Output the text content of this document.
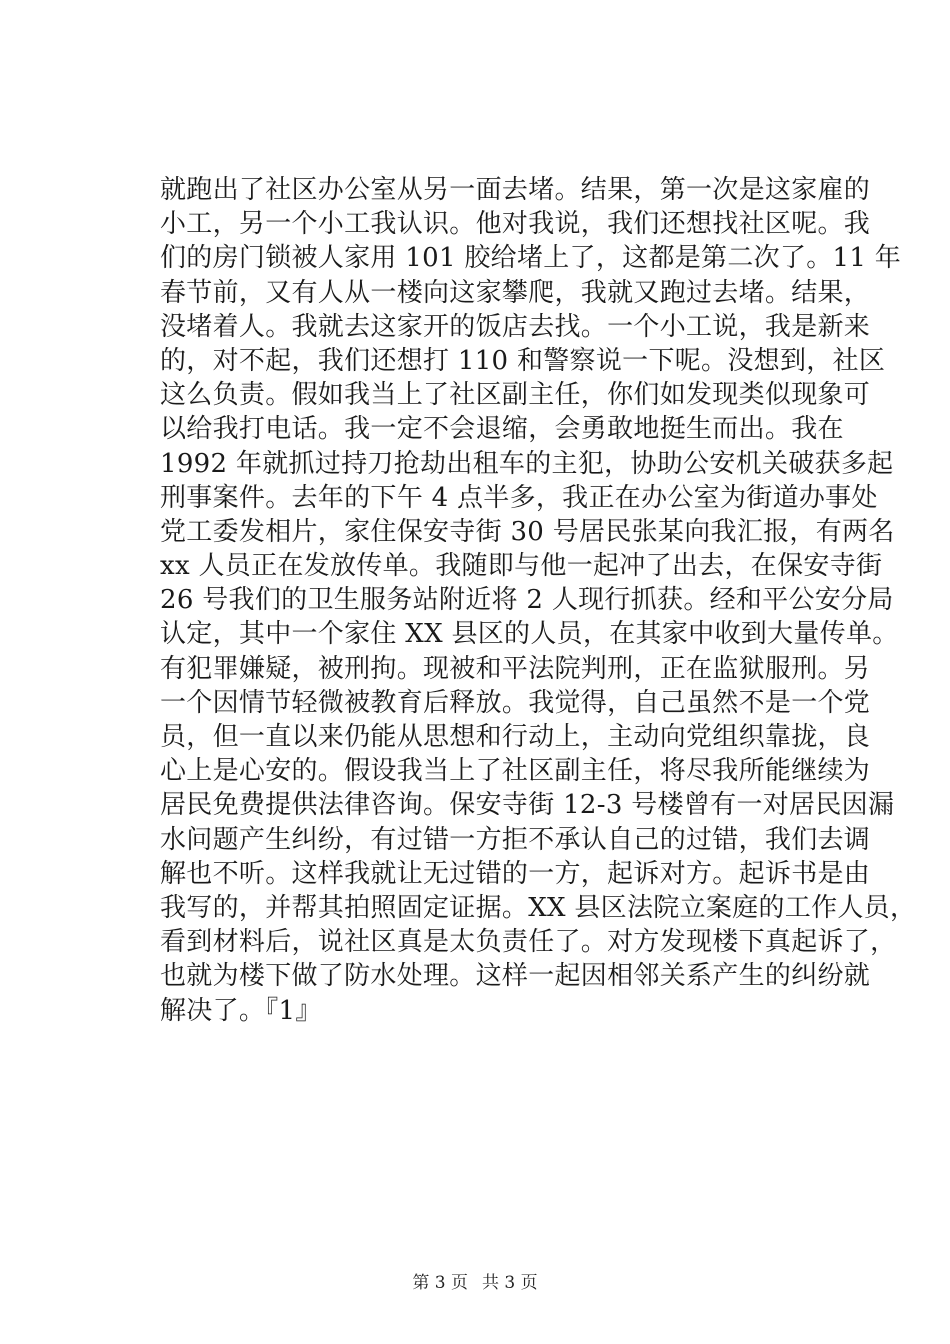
就跑出了社区办公室从另一面去堵。结果，第一次是这家雇的
小工，另一个小工我认识。他对我说，我们还想找社区呢。我
们的房门锁被人家用 101 胶给堵上了，这都是第二次了。11 年
春节前，又有人从一楼向这家攀爬，我就又跑过去堵。结果，
没堵着人。我就去这家开的饭店去找。一个小工说，我是新来
的，对不起，我们还想打 110 和警察说一下呢。没想到，社区
这么负责。假如我当上了社区副主任，你们如发现类似现象可
以给我打电话。我一定不会退缩，会勇敢地挺生而出。我在
1992 年就抓过持刀抢劫出租车的主犯，协助公安机关破获多起
刑事案件。去年的下午 4 点半多，我正在办公室为街道办事处
党工委发相片，家住保安寺街 30 号居民张某向我汇报，有两名
xx 人员正在发放传单。我随即与他一起冲了出去，在保安寺街
26 号我们的卫生服务站附近将 2 人现行抓获。经和平公安分局
认定，其中一个家住 XX 县区的人员，在其家中收到大量传单。
有犯罪嫌疑，被刑拘。现被和平法院判刑，正在监狱服刑。另
一个因情节轻微被教育后释放。我觉得，自己虽然不是一个党
员，但一直以来仍能从思想和行动上，主动向党组织靠拢，良
心上是心安的。假设我当上了社区副主任，将尽我所能继续为
居民免费提供法律咨询。保安寺街 12-3 号楼曾有一对居民因漏
水问题产生纠纷，有过错一方拒不承认自己的过错，我们去调
解也不听。这样我就让无过错的一方，起诉对方。起诉书是由
我写的，并帮其拍照固定证据。XX 县区法院立案庭的工作人员，
看到材料后，说社区真是太负责任了。对方发现楼下真起诉了，
也就为楼下做了防水处理。这样一起因相邻关系产生的纠纷就
解决了。『1』
第 3 页 共 3 页
